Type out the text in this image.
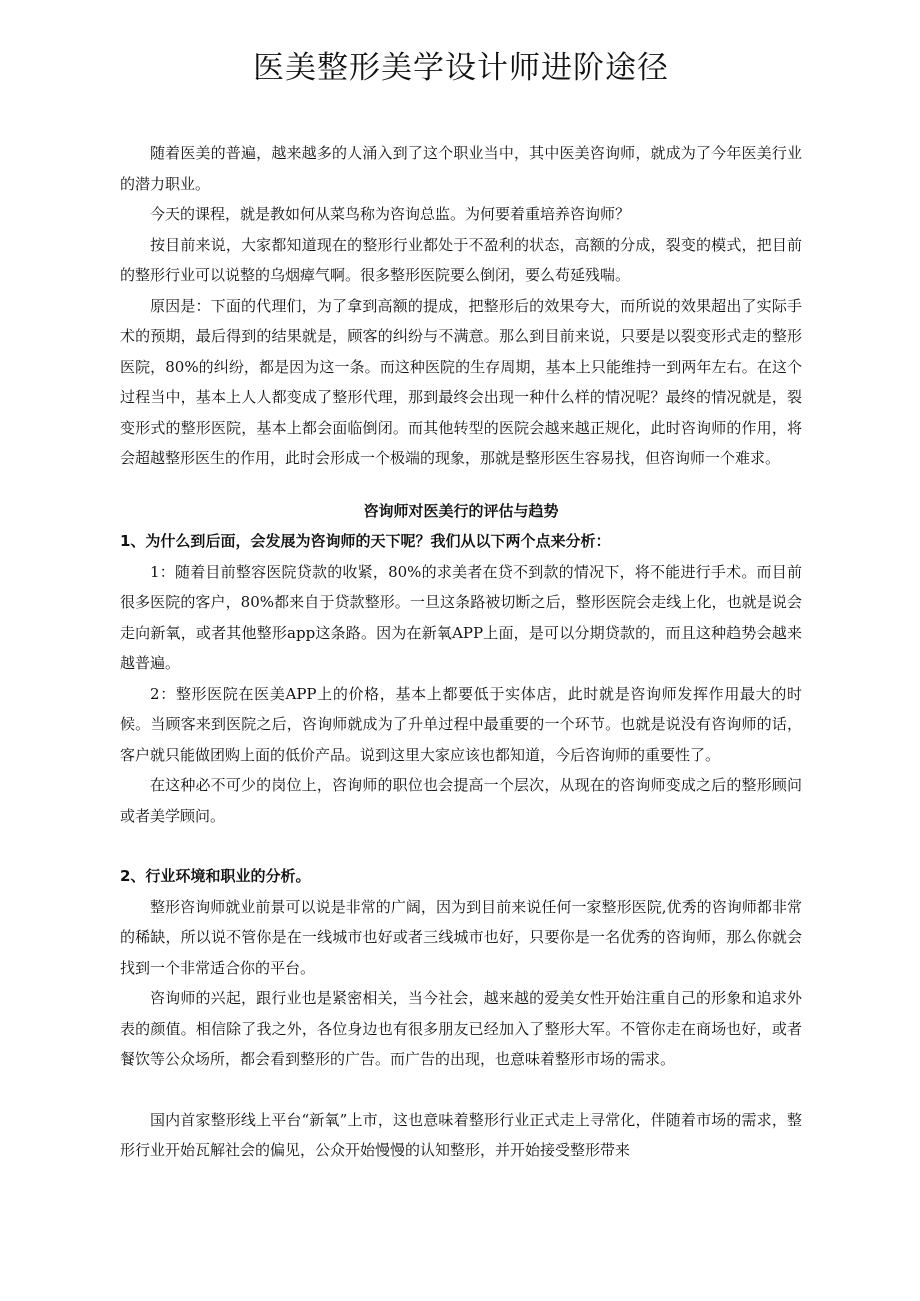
医美整形美学设计师进阶途径

随着医美的普遍，越来越多的人涌入到了这个职业当中，其中医美咨询师，就成为了今年医美行业的潜力职业。

今天的课程，就是教如何从菜鸟称为咨询总监。为何要着重培养咨询师？

按目前来说，大家都知道现在的整形行业都处于不盈利的状态，高额的分成，裂变的模式，把目前的整形行业可以说整的乌烟瘴气啊。很多整形医院要么倒闭，要么苟延残喘。

原因是：下面的代理们，为了拿到高额的提成，把整形后的效果夸大，而所说的效果超出了实际手术的预期，最后得到的结果就是，顾客的纠纷与不满意。那么到目前来说，只要是以裂变形式走的整形医院，80%的纠纷，都是因为这一条。而这种医院的生存周期，基本上只能维持一到两年左右。在这个过程当中，基本上人人都变成了整形代理，那到最终会出现一种什么样的情况呢？最终的情况就是，裂变形式的整形医院，基本上都会面临倒闭。而其他转型的医院会越来越正规化，此时咨询师的作用，将会超越整形医生的作用，此时会形成一个极端的现象，那就是整形医生容易找，但咨询师一个难求。

咨询师对医美行的评估与趋势
1、为什么到后面，会发展为咨询师的天下呢？我们从以下两个点来分析：

1：随着目前整容医院贷款的收紧，80%的求美者在贷不到款的情况下，将不能进行手术。而目前很多医院的客户，80%都来自于贷款整形。一旦这条路被切断之后，整形医院会走线上化，也就是说会走向新氧，或者其他整形app这条路。因为在新氧APP上面，是可以分期贷款的，而且这种趋势会越来越普遍。

2：整形医院在医美APP上的价格，基本上都要低于实体店，此时就是咨询师发挥作用最大的时候。当顾客来到医院之后，咨询师就成为了升单过程中最重要的一个环节。也就是说没有咨询师的话，客户就只能做团购上面的低价产品。说到这里大家应该也都知道，今后咨询师的重要性了。

在这种必不可少的岗位上，咨询师的职位也会提高一个层次，从现在的咨询师变成之后的整形顾问或者美学顾问。

2、行业环境和职业的分析。

整形咨询师就业前景可以说是非常的广阔，因为到目前来说任何一家整形医院,优秀的咨询师都非常的稀缺，所以说不管你是在一线城市也好或者三线城市也好，只要你是一名优秀的咨询师，那么你就会找到一个非常适合你的平台。

咨询师的兴起，跟行业也是紧密相关，当今社会，越来越的爱美女性开始注重自己的形象和追求外表的颜值。相信除了我之外，各位身边也有很多朋友已经加入了整形大军。不管你走在商场也好，或者餐饮等公众场所，都会看到整形的广告。而广告的出现，也意味着整形市场的需求。

国内首家整形线上平台“新氧”上市，这也意味着整形行业正式走上寻常化，伴随着市场的需求，整形行业开始瓦解社会的偏见，公众开始慢慢的认知整形，并开始接受整形带来
